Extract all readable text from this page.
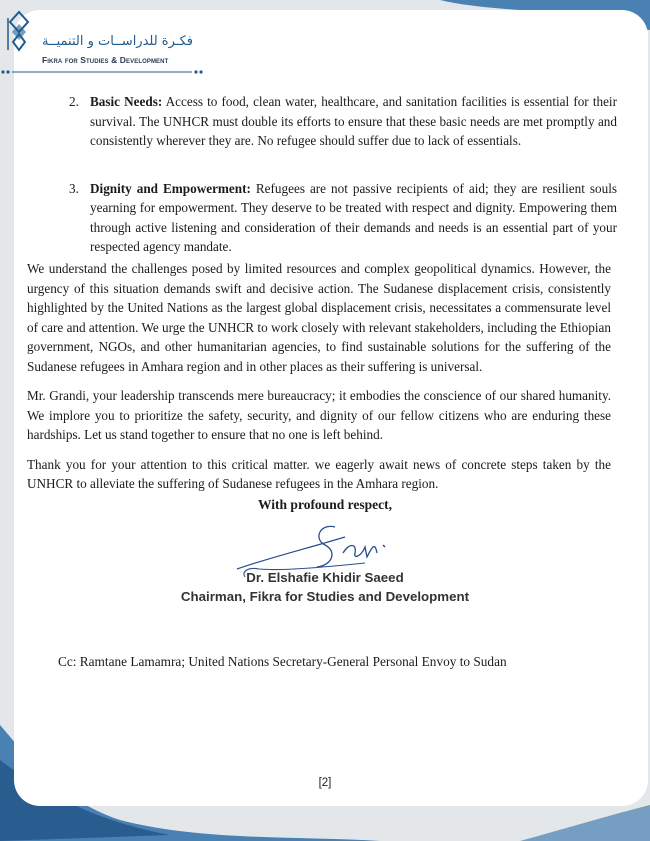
فكـرة للدراســات و التنميــة
Fikra for Studies & Development
2. Basic Needs: Access to food, clean water, healthcare, and sanitation facilities is essential for their survival. The UNHCR must double its efforts to ensure that these basic needs are met promptly and consistently wherever they are. No refugee should suffer due to lack of essentials.
3. Dignity and Empowerment: Refugees are not passive recipients of aid; they are resilient souls yearning for empowerment. They deserve to be treated with respect and dignity. Empowering them through active listening and consideration of their demands and needs is an essential part of your respected agency mandate.

We understand the challenges posed by limited resources and complex geopolitical dynamics. However, the urgency of this situation demands swift and decisive action. The Sudanese displacement crisis, consistently highlighted by the United Nations as the largest global displacement crisis, necessitates a commensurate level of care and attention. We urge the UNHCR to work closely with relevant stakeholders, including the Ethiopian government, NGOs, and other humanitarian agencies, to find sustainable solutions for the suffering of the Sudanese refugees in Amhara region and in other places as their suffering is universal.

Mr. Grandi, your leadership transcends mere bureaucracy; it embodies the conscience of our shared humanity. We implore you to prioritize the safety, security, and dignity of our fellow citizens who are enduring these hardships. Let us stand together to ensure that no one is left behind.

Thank you for your attention to this critical matter. we eagerly await news of concrete steps taken by the UNHCR to alleviate the suffering of Sudanese refugees in the Amhara region.

With profound respect,
Dr. Elshafie Khidir Saeed
Chairman, Fikra for Studies and Development
Cc: Ramtane Lamamra; United Nations Secretary-General Personal Envoy to Sudan
[2]
